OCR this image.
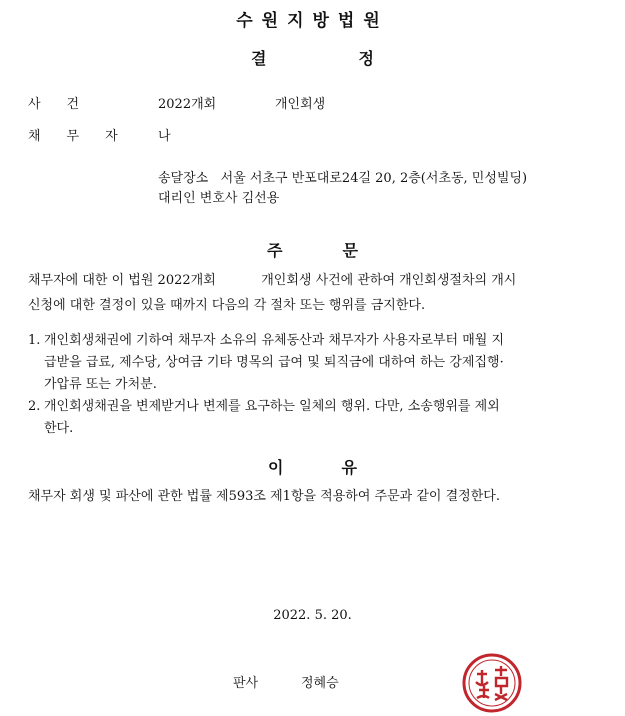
수원지방법원
결	정
사건	2022개회	개인회생
채무자 나
송달장소 서울 서초구 반포대로24길 20, 2층(서초동, 민성빌딩)
대리인 변호사 김선용
주	문
채무자에 대한 이 법원 2022개회           개인회생 사건에 관하여 개인회생절차의 개시
신청에 대한 결정이 있을 때까지 다음의 각 절차 또는 행위를 금지한다.
1. 개인회생채권에 기하여 채무자 소유의 유체동산과 채무자가 사용자로부터 매월 지
급받을 급료, 제수당, 상여금 기타 명목의 급여 및 퇴직금에 대하여 하는 강제집행·
가압류 또는 가처분.
2. 개인회생채권을 변제받거나 변제를 요구하는 일체의 행위. 다만, 소송행위를 제외
한다.
이	유
채무자 회생 및 파산에 관한 법률 제593조 제1항을 적용하여 주문과 같이 결정한다.
2022. 5. 20.
판사	정혜승
